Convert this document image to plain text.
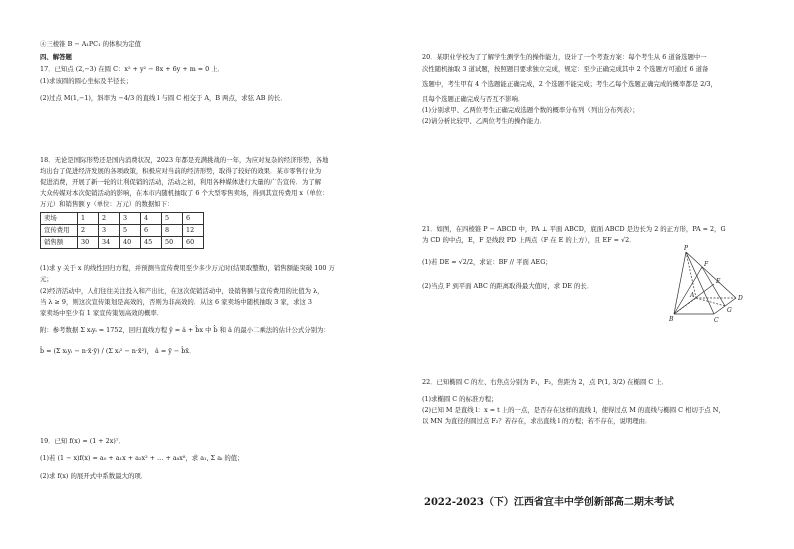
④三棱锥 B − A₁PC₁ 的体积为定值
四、解答题
17．已知点 (2,−3) 在圆 C：x² + y² − 8x + 6y + m = 0 上．
(1)求该圆的圆心坐标及半径长；
(2)过点 M(1,−1)，斜率为 −4/3 的直线 l 与圆 C 相交于 A，B 两点，求弦 AB 的长．
18．无论是国际形势还是国内消费状况，2023 年都是充满挑战的一年，为应对复杂的经济形势，各地
均出台了促进经济发展的各项政策，积极应对当前的经济形势，取得了较好的效果．某市零售行业为
促进消费，开展了新一轮的让利促销的活动，活动之初，利用各种媒体进行大量的广告宣传．为了解
大众传媒对本次促销活动的影响，在本市内随机抽取了 6 个大型零售卖场，得到其宣传费用 x（单位：
万元）和销售额 y（单位：万元）的数据如下：
卖场	1	2	3	4	5	6
宣传费用	2	3	5	6	8	12
销售额	30	34	40	45	50	60
(1)求 y 关于 x 的线性回归方程，并预测当宣传费用至少多少万元时(结果取整数)，销售额能突破 100 万
元；
(2)经济活动中，人们往往关注投入和产出比，在这次促销活动中，设销售额与宣传费用的比值为 λ，
当 λ ≥ 9，则这次宣传策划是高效的，否则为非高效的．从这 6 家卖场中随机抽取 3 家，求这 3
家卖场中至少有 1 家宣传策划高效的概率．
附：参考数据 Σ xᵢyᵢ = 1752，回归直线方程 ŷ = â + b̂x 中 b̂ 和 â 的最小二乘法的估计公式分别为：
b̂ = (Σ xᵢyᵢ − n·x̄·ȳ) / (Σ xᵢ² − n·x̄²)， â = ȳ − b̂x̄．
19．已知 f(x) = (1 + 2x)⁷．
(1)若 (1 − x)f(x) = a₀ + a₁x + a₂x² + … + a₈x⁸，求 a₁, Σ aᵢ 的值；
(2)求 f(x) 的展开式中系数最大的项．
20．某职业学校为了了解学生测学生的操作能力，设计了一个考查方案：每个考生从 6 道备选题中一
次性随机抽取 3 道试题，按照题目要求独立完成，规定：至少正确完成其中 2 个选题方可通过 6 道备
选题中，考生甲有 4 个选题能正确完成，2 个选题不能完成；考生乙每个选题正确完成的概率都是 2/3，
且每个选题正确完成与否互不影响．
(1)分别求甲、乙两位考生正确完成选题个数的概率分布列（列出分布列表）；
(2)请分析比较甲、乙两位考生的操作能力．
21．如图，在四棱锥 P − ABCD 中，PA ⊥ 平面 ABCD，底面 ABCD 是边长为 2 的正方形，PA = 2，G
为 CD 的中点，E，F 是线段 PD 上两点（F 在 E 的上方），且 EF = √2．
(1)若 DE = √2/2，求证：BF // 平面 AEG；
(2)当点 F 到平面 ABC 的距离取得最大值时，求 DE 的长．
P
F
E
A	D
B
G
C
22．已知椭圆 C 的左、右焦点分别为 F₁，F₂，焦距为 2，点 P(1, 3/2) 在椭圆 C 上．
(1)求椭圆 C 的标准方程；
(2)已知 M 是直线 l：x = t 上的一点，是否存在这样的直线 l，使得过点 M 的直线与椭圆 C 相切于点 N，
以 MN 为直径的圆过点 F₂？若存在，求出直线 l 的方程；若不存在，说明理由．
2022-2023（下）江西省宜丰中学创新部高二期末考试
